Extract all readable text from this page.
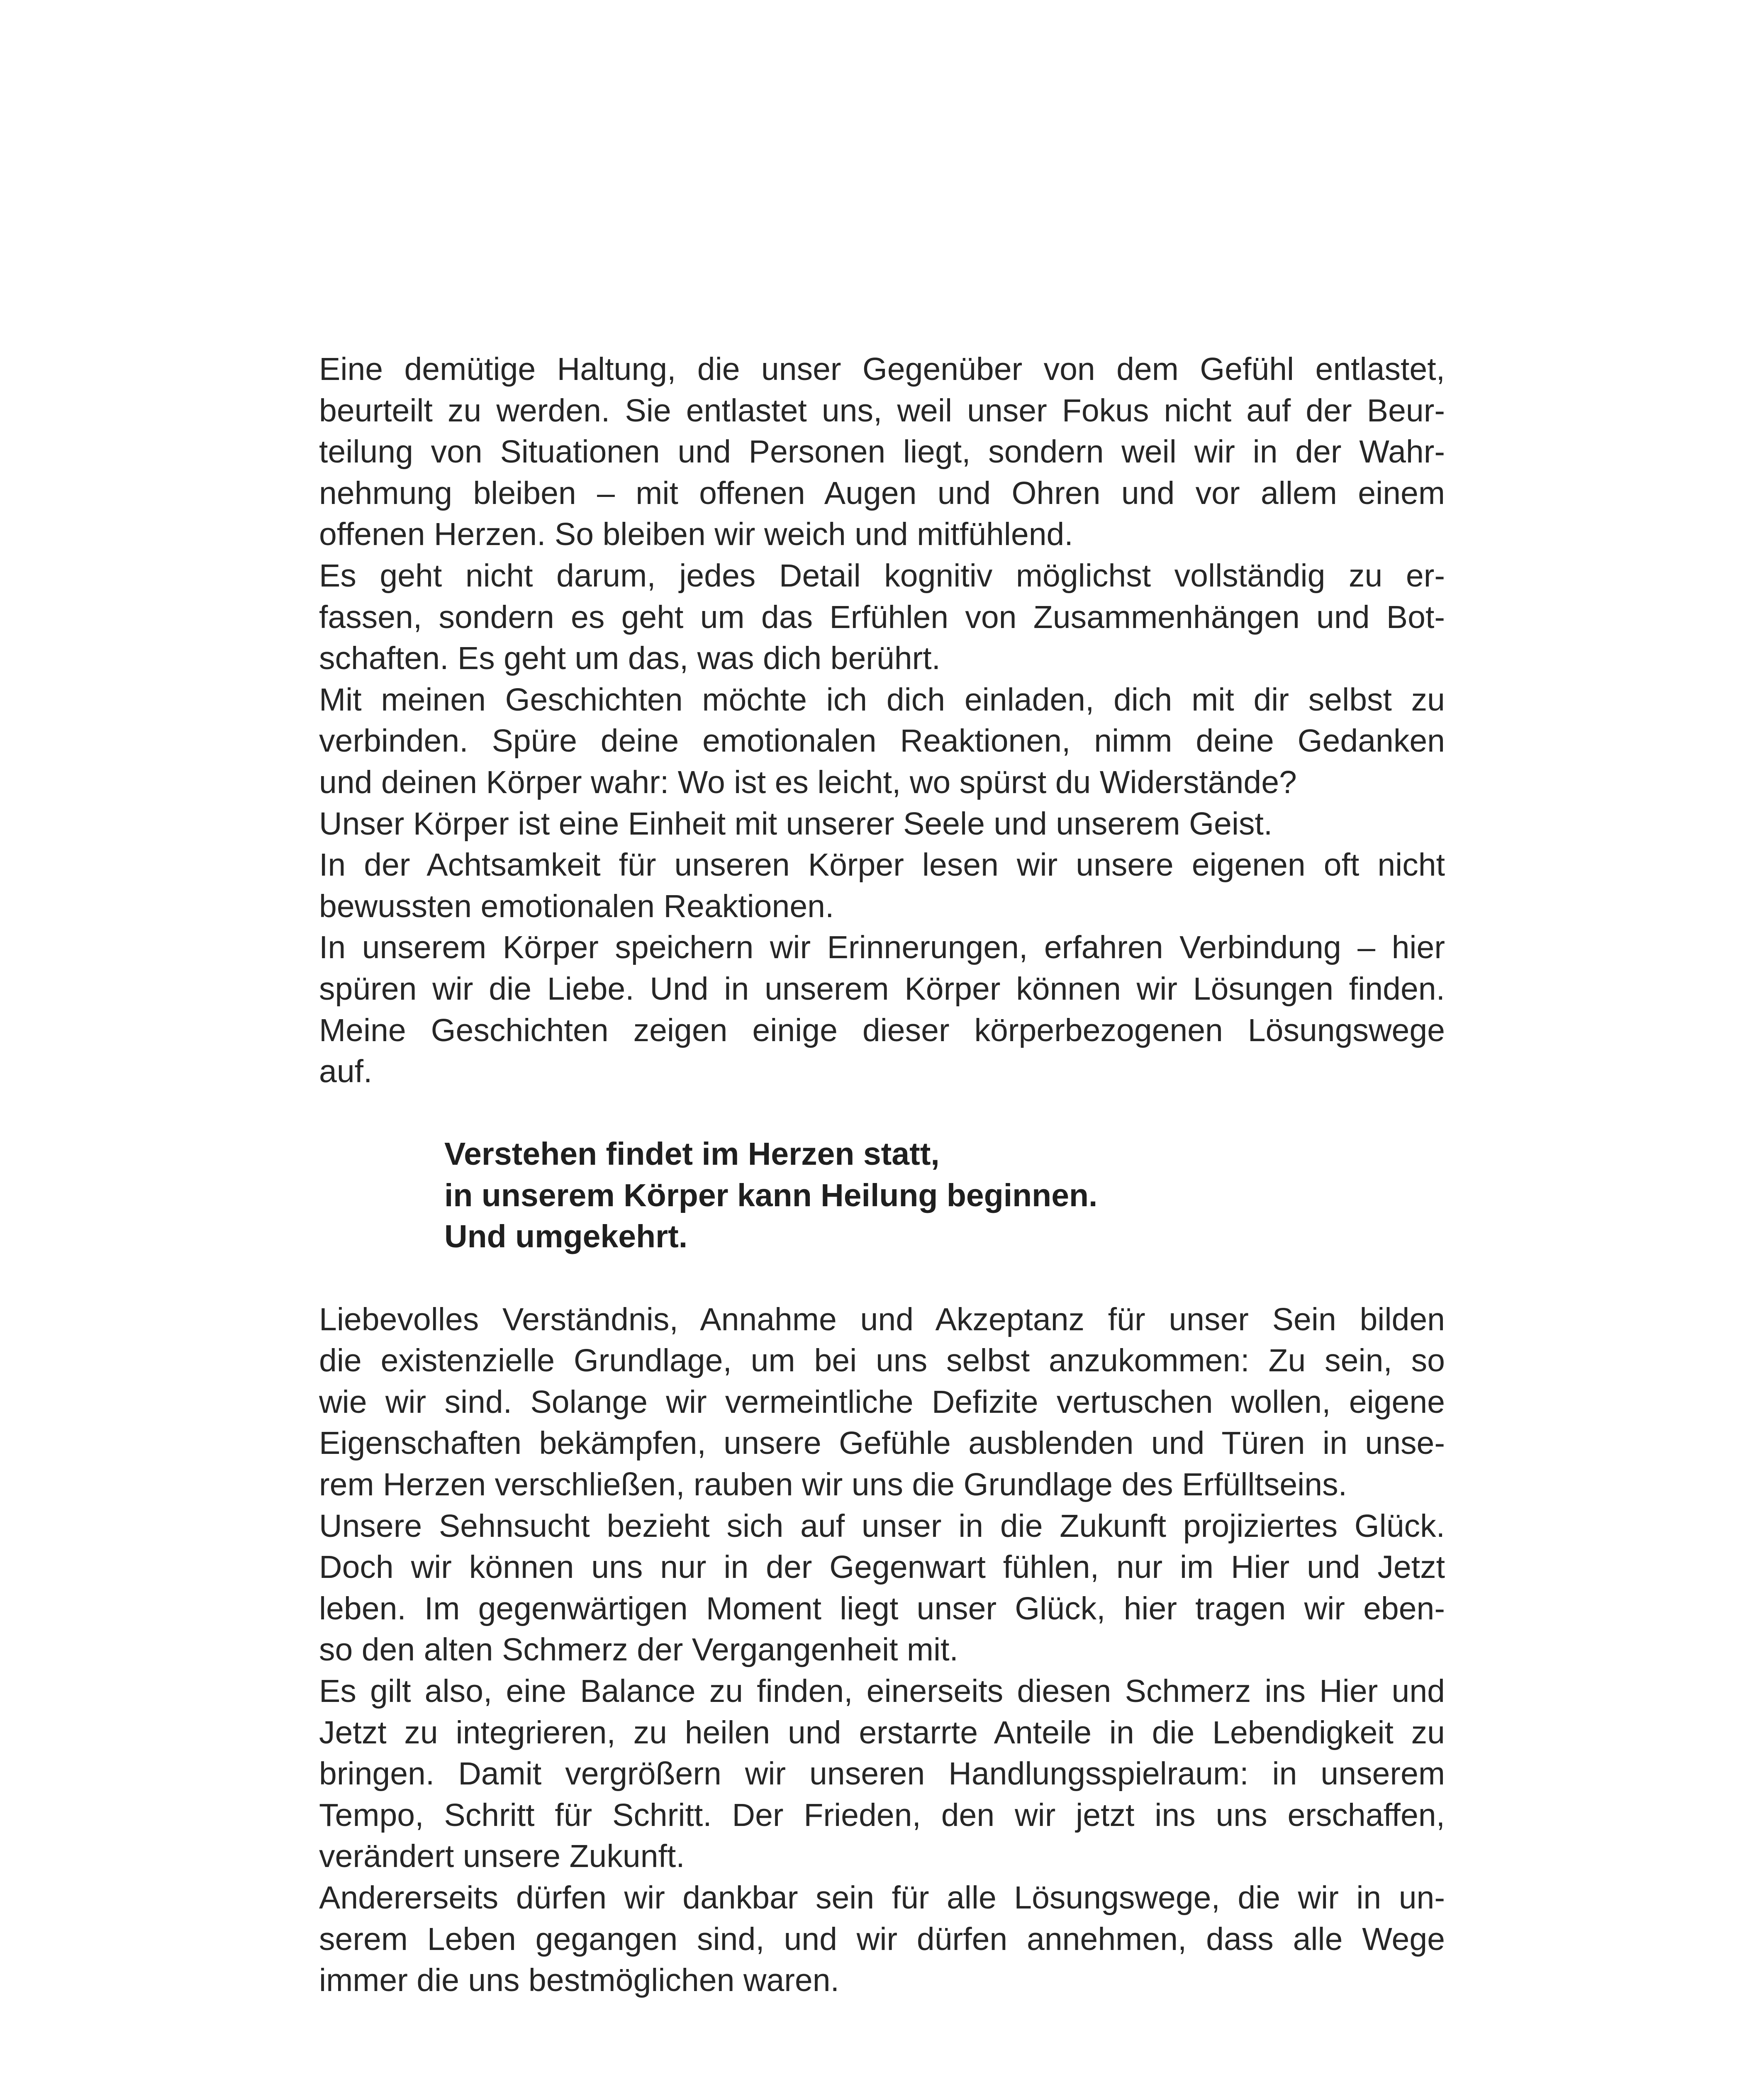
Eine demütige Haltung, die unser Gegenüber von dem Gefühl entlastet,
beurteilt zu werden. Sie entlastet uns, weil unser Fokus nicht auf der Beur-
teilung von Situationen und Personen liegt, sondern weil wir in der Wahr-
nehmung bleiben – mit offenen Augen und Ohren und vor allem einem
offenen Herzen. So bleiben wir weich und mitfühlend.
Es geht nicht darum, jedes Detail kognitiv möglichst vollständig zu er-
fassen, sondern es geht um das Erfühlen von Zusammenhängen und Bot-
schaften. Es geht um das, was dich berührt.
Mit meinen Geschichten möchte ich dich einladen, dich mit dir selbst zu
verbinden. Spüre deine emotionalen Reaktionen, nimm deine Gedanken
und deinen Körper wahr: Wo ist es leicht, wo spürst du Widerstände?
Unser Körper ist eine Einheit mit unserer Seele und unserem Geist.
In der Achtsamkeit für unseren Körper lesen wir unsere eigenen oft nicht
bewussten emotionalen Reaktionen.
In unserem Körper speichern wir Erinnerungen, erfahren Verbindung – hier
spüren wir die Liebe. Und in unserem Körper können wir Lösungen finden.
Meine Geschichten zeigen einige dieser körperbezogenen Lösungswege
auf.
Verstehen findet im Herzen statt,
in unserem Körper kann Heilung beginnen.
Und umgekehrt.
Liebevolles Verständnis, Annahme und Akzeptanz für unser Sein bilden
die existenzielle Grundlage, um bei uns selbst anzukommen: Zu sein, so
wie wir sind. Solange wir vermeintliche Defizite vertuschen wollen, eigene
Eigenschaften bekämpfen, unsere Gefühle ausblenden und Türen in unse-
rem Herzen verschließen, rauben wir uns die Grundlage des Erfülltseins.
Unsere Sehnsucht bezieht sich auf unser in die Zukunft projiziertes Glück.
Doch wir können uns nur in der Gegenwart fühlen, nur im Hier und Jetzt
leben. Im gegenwärtigen Moment liegt unser Glück, hier tragen wir eben-
so den alten Schmerz der Vergangenheit mit.
Es gilt also, eine Balance zu finden, einerseits diesen Schmerz ins Hier und
Jetzt zu integrieren, zu heilen und erstarrte Anteile in die Lebendigkeit zu
bringen. Damit vergrößern wir unseren Handlungsspielraum: in unserem
Tempo, Schritt für Schritt. Der Frieden, den wir jetzt ins uns erschaffen,
verändert unsere Zukunft.
Andererseits dürfen wir dankbar sein für alle Lösungswege, die wir in un-
serem Leben gegangen sind, und wir dürfen annehmen, dass alle Wege
immer die uns bestmöglichen waren.
